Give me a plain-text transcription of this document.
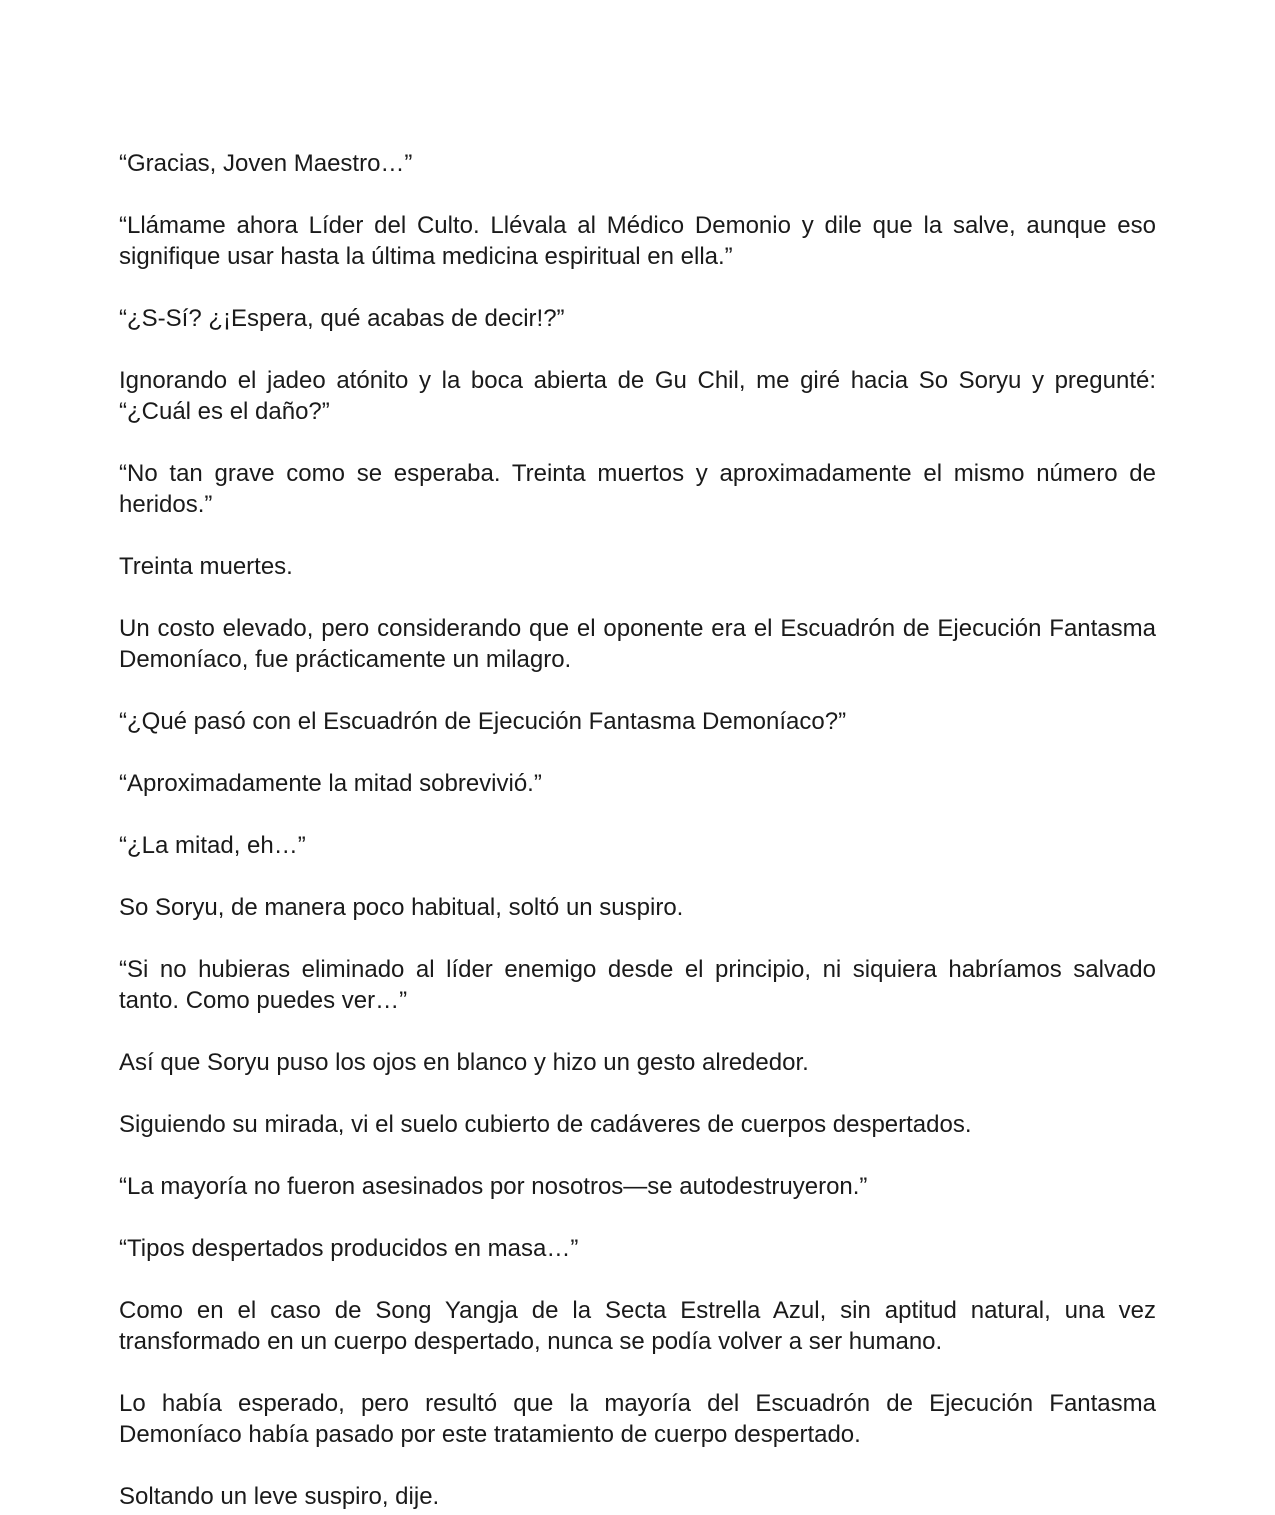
“Gracias, Joven Maestro…”

“Llámame ahora Líder del Culto. Llévala al Médico Demonio y dile que la salve, aunque eso signifique usar hasta la última medicina espiritual en ella.”

“¿S-Sí? ¿¡Espera, qué acabas de decir!?”

Ignorando el jadeo atónito y la boca abierta de Gu Chil, me giré hacia So Soryu y pregunté: “¿Cuál es el daño?”

“No tan grave como se esperaba. Treinta muertos y aproximadamente el mismo número de heridos.”

Treinta muertes.

Un costo elevado, pero considerando que el oponente era el Escuadrón de Ejecución Fantasma Demoníaco, fue prácticamente un milagro.

“¿Qué pasó con el Escuadrón de Ejecución Fantasma Demoníaco?”

“Aproximadamente la mitad sobrevivió.”

“¿La mitad, eh…”

So Soryu, de manera poco habitual, soltó un suspiro.

“Si no hubieras eliminado al líder enemigo desde el principio, ni siquiera habríamos salvado tanto. Como puedes ver…”

Así que Soryu puso los ojos en blanco y hizo un gesto alrededor.

Siguiendo su mirada, vi el suelo cubierto de cadáveres de cuerpos despertados.

“La mayoría no fueron asesinados por nosotros—se autodestruyeron.”

“Tipos despertados producidos en masa…”

Como en el caso de Song Yangja de la Secta Estrella Azul, sin aptitud natural, una vez transformado en un cuerpo despertado, nunca se podía volver a ser humano.

Lo había esperado, pero resultó que la mayoría del Escuadrón de Ejecución Fantasma Demoníaco había pasado por este tratamiento de cuerpo despertado.

Soltando un leve suspiro, dije.
